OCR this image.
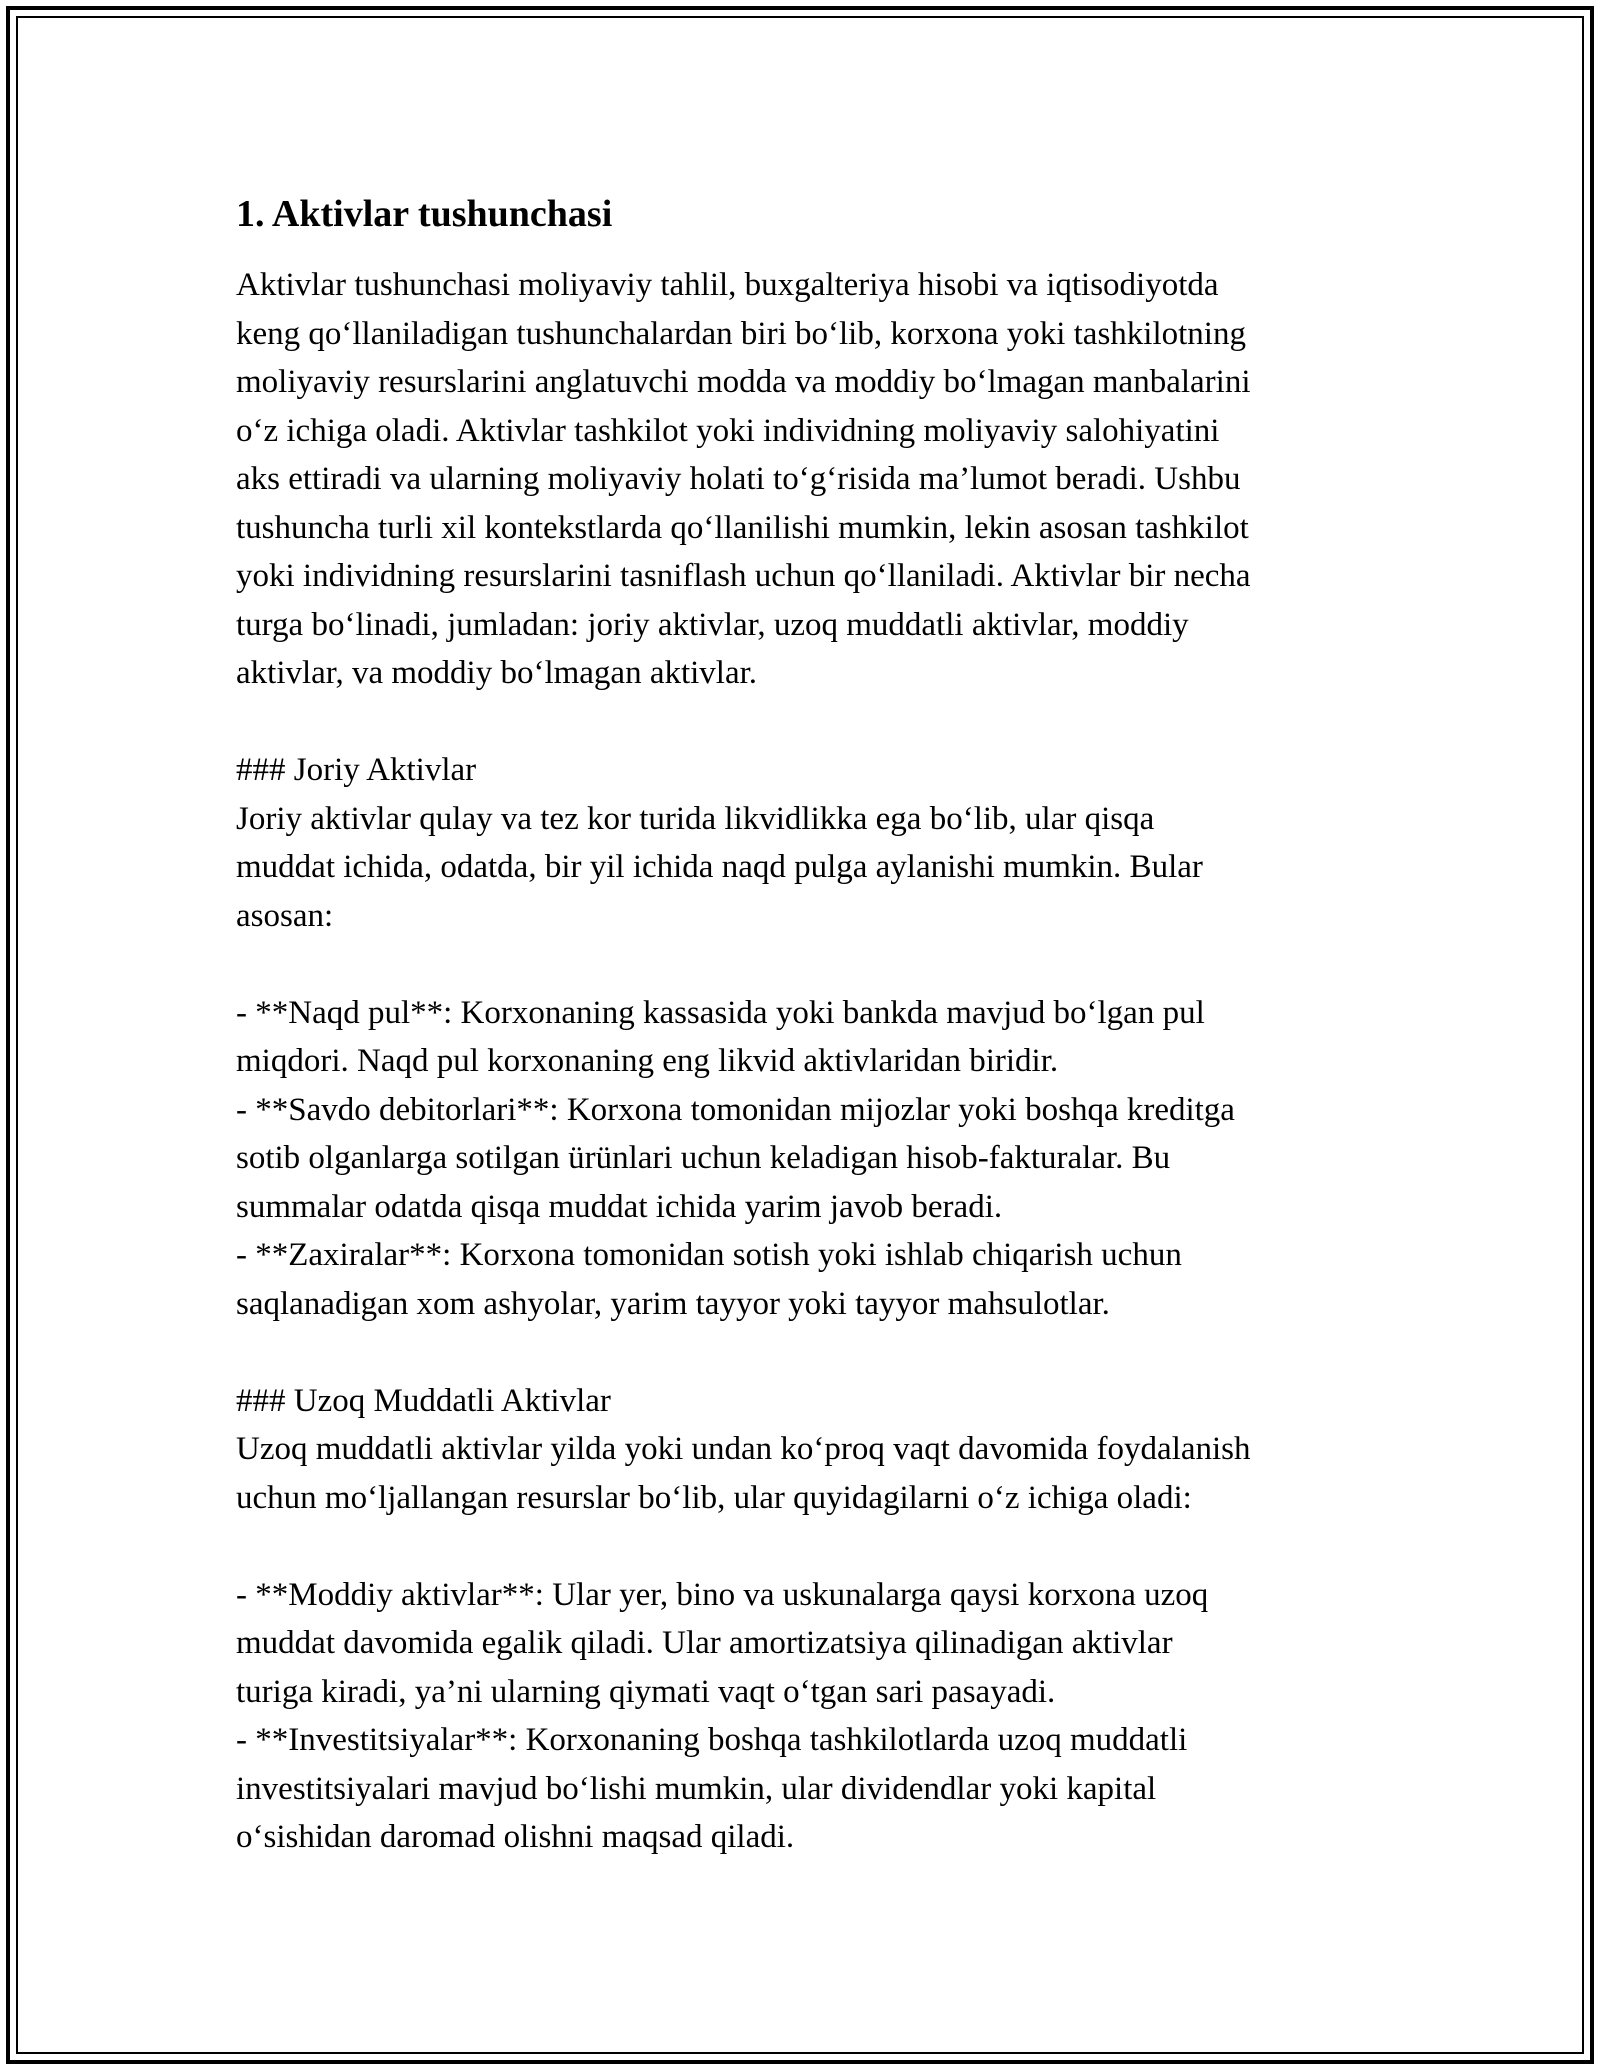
1. Aktivlar tushunchasi

Aktivlar tushunchasi moliyaviy tahlil, buxgalteriya hisobi va iqtisodiyotda
keng qo‘llaniladigan tushunchalardan biri bo‘lib, korxona yoki tashkilotning
moliyaviy resurslarini anglatuvchi modda va moddiy bo‘lmagan manbalarini
o‘z ichiga oladi. Aktivlar tashkilot yoki individning moliyaviy salohiyatini
aks ettiradi va ularning moliyaviy holati to‘g‘risida ma’lumot beradi. Ushbu
tushuncha turli xil kontekstlarda qo‘llanilishi mumkin, lekin asosan tashkilot
yoki individning resurslarini tasniflash uchun qo‘llaniladi. Aktivlar bir necha
turga bo‘linadi, jumladan: joriy aktivlar, uzoq muddatli aktivlar, moddiy
aktivlar, va moddiy bo‘lmagan aktivlar.

### Joriy Aktivlar
Joriy aktivlar qulay va tez kor turida likvidlikka ega bo‘lib, ular qisqa
muddat ichida, odatda, bir yil ichida naqd pulga aylanishi mumkin. Bular
asosan:

- **Naqd pul**: Korxonaning kassasida yoki bankda mavjud bo‘lgan pul
miqdori. Naqd pul korxonaning eng likvid aktivlaridan biridir.
- **Savdo debitorlari**: Korxona tomonidan mijozlar yoki boshqa kreditga
sotib olganlarga sotilgan ürünlari uchun keladigan hisob-fakturalar. Bu
summalar odatda qisqa muddat ichida yarim javob beradi.
- **Zaxiralar**: Korxona tomonidan sotish yoki ishlab chiqarish uchun
saqlanadigan xom ashyolar, yarim tayyor yoki tayyor mahsulotlar.

### Uzoq Muddatli Aktivlar
Uzoq muddatli aktivlar yilda yoki undan ko‘proq vaqt davomida foydalanish
uchun mo‘ljallangan resurslar bo‘lib, ular quyidagilarni o‘z ichiga oladi:

- **Moddiy aktivlar**: Ular yer, bino va uskunalarga qaysi korxona uzoq
muddat davomida egalik qiladi. Ular amortizatsiya qilinadigan aktivlar
turiga kiradi, ya’ni ularning qiymati vaqt o‘tgan sari pasayadi.
- **Investitsiyalar**: Korxonaning boshqa tashkilotlarda uzoq muddatli
investitsiyalari mavjud bo‘lishi mumkin, ular dividendlar yoki kapital
o‘sishidan daromad olishni maqsad qiladi.
